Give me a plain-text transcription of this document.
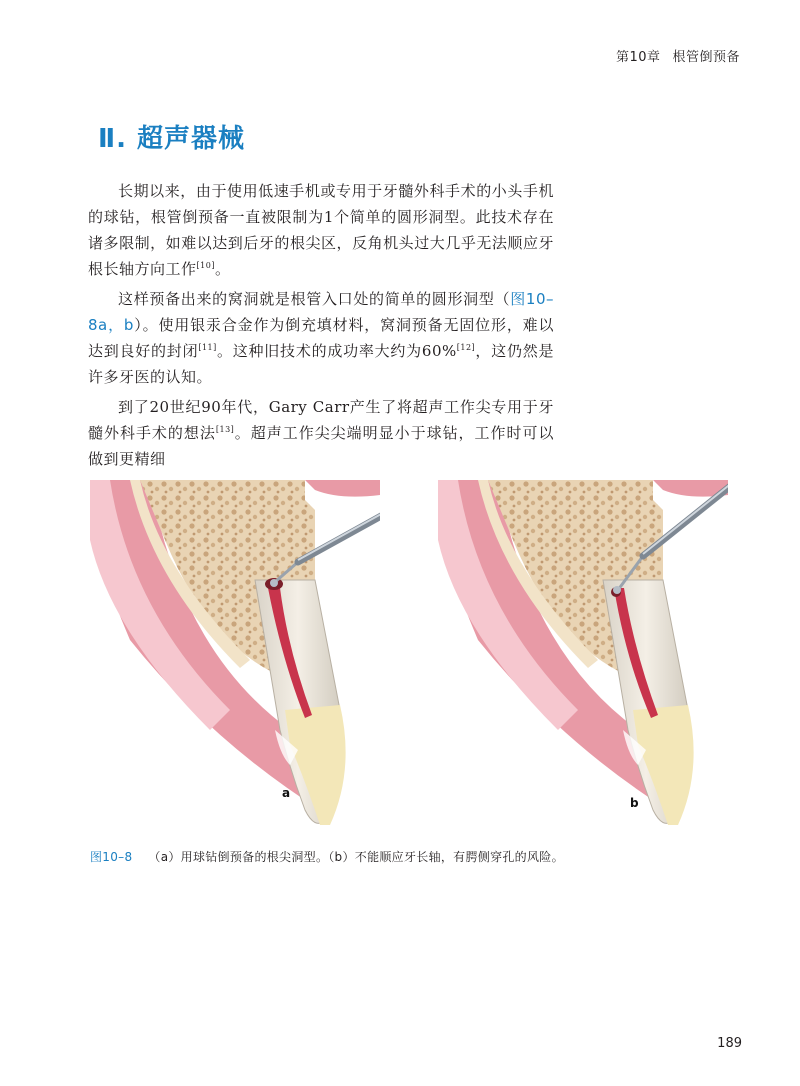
第10章 根管倒预备
Ⅱ. 超声器械

长期以来，由于使用低速手机或专用于牙髓外科手术的小头手机的球钻，根管倒预备一直被限制为1个简单的圆形洞型。此技术存在诸多限制，如难以达到后牙的根尖区，反角机头过大几乎无法顺应牙根长轴方向工作[10]。

这样预备出来的窝洞就是根管入口处的简单的圆形洞型（图10–8a，b）。使用银汞合金作为倒充填材料，窝洞预备无固位形，难以达到良好的封闭[11]。这种旧技术的成功率大约为60%[12]，这仍然是许多牙医的认知。

到了20世纪90年代，Gary Carr产生了将超声工作尖专用于牙髓外科手术的想法[13]。超声工作尖尖端明显小于球钻，工作时可以做到更精细

a
b
图10–8 （a）用球钻倒预备的根尖洞型。（b）不能顺应牙长轴，有腭侧穿孔的风险。
189
